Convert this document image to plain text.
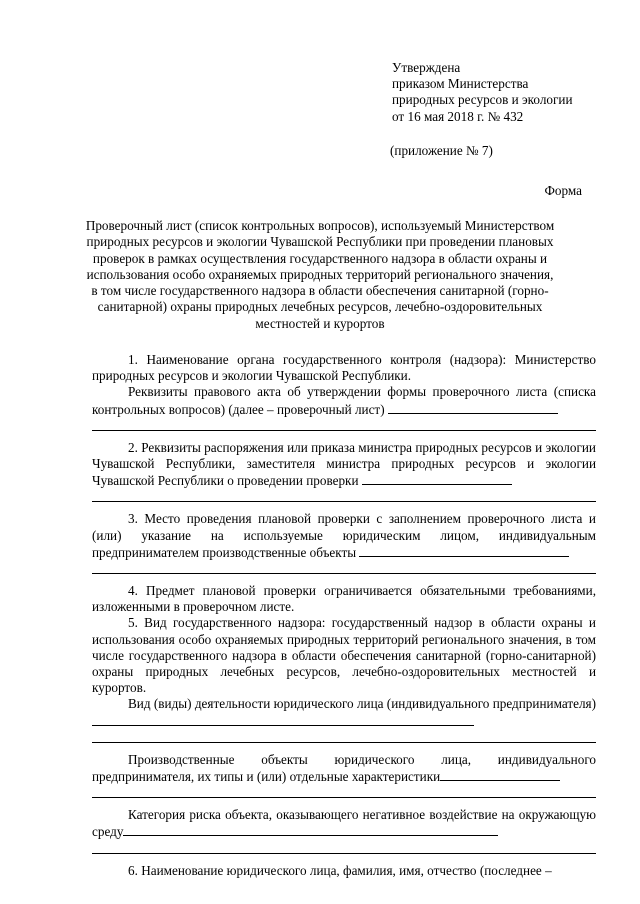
Утверждена
приказом Министерства
природных ресурсов и экологии
от 16 мая 2018 г. № 432
(приложение № 7)
Форма
Проверочный лист (список контрольных вопросов), используемый Министерством
природных ресурсов и экологии Чувашской Республики при проведении плановых
проверок в рамках осуществления государственного надзора в области охраны и
использования особо охраняемых природных территорий регионального значения,
в том числе государственного надзора в области обеспечения санитарной (горно-
санитарной) охраны природных лечебных ресурсов, лечебно-оздоровительных
местностей и курортов

1. Наименование органа государственного контроля (надзора): Министерство природных ресурсов и экологии Чувашской Республики.

Реквизиты правового акта об утверждении формы проверочного листа (списка контрольных вопросов) (далее – проверочный лист)

2. Реквизиты распоряжения или приказа министра природных ресурсов и экологии Чувашской Республики, заместителя министра природных ресурсов и экологии Чувашской Республики о проведении проверки

3. Место проведения плановой проверки с заполнением проверочного листа и (или) указание на используемые юридическим лицом, индивидуальным предпринимателем производственные объекты

4. Предмет плановой проверки ограничивается обязательными требованиями, изложенными в проверочном листе.

5. Вид государственного надзора: государственный надзор в области охраны и использования особо охраняемых природных территорий регионального значения, в том числе государственного надзора в области обеспечения санитарной (горно-санитарной) охраны природных лечебных ресурсов, лечебно-оздоровительных местностей и курортов.

Вид (виды) деятельности юридического лица (индивидуального предпринимателя)

Производственные объекты юридического лица, индивидуального предпринимателя, их типы и (или) отдельные характеристики

Категория риска объекта, оказывающего негативное воздействие на окружающую среду

6. Наименование юридического лица, фамилия, имя, отчество (последнее –
